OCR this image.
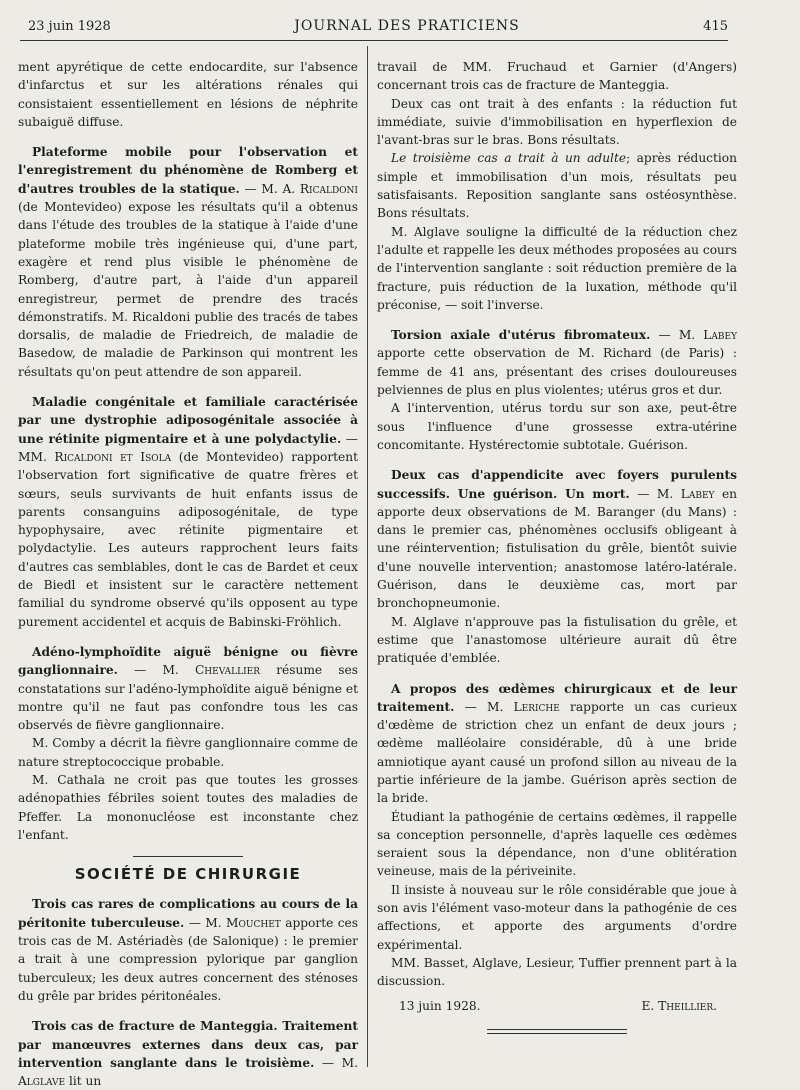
23 juin 1928	JOURNAL DES PRATICIENS	415

ment apyrétique de cette endocardite, sur l'absence d'infarctus et sur les altérations rénales qui consistaient essentiellement en lésions de néphrite subaiguë diffuse.

Plateforme mobile pour l'observation et l'enregistrement du phénomène de Romberg et d'autres troubles de la statique. — M. A. Ricaldoni (de Montevideo) expose les résultats qu'il a obtenus dans l'étude des troubles de la statique à l'aide d'une plateforme mobile très ingénieuse qui, d'une part, exagère et rend plus visible le phénomène de Romberg, d'autre part, à l'aide d'un appareil enregistreur, permet de prendre des tracés démonstratifs. M. Ricaldoni publie des tracés de tabes dorsalis, de maladie de Friedreich, de maladie de Basedow, de maladie de Parkinson qui montrent les résultats qu'on peut attendre de son appareil.

Maladie congénitale et familiale caractérisée par une dystrophie adiposogénitale associée à une rétinite pigmentaire et à une polydactylie. — MM. Ricaldoni et Isola (de Montevideo) rapportent l'observation fort significative de quatre frères et sœurs, seuls survivants de huit enfants issus de parents consanguins adiposogénitale, de type hypophysaire, avec rétinite pigmentaire et polydactylie. Les auteurs rapprochent leurs faits d'autres cas semblables, dont le cas de Bardet et ceux de Biedl et insistent sur le caractère nettement familial du syndrome observé qu'ils opposent au type purement accidentel et acquis de Babinski-Fröhlich.

Adéno-lymphoïdite aiguë bénigne ou fièvre ganglionnaire. — M. Chevallier résume ses constatations sur l'adéno-lymphoïdite aiguë bénigne et montre qu'il ne faut pas confondre tous les cas observés de fièvre ganglionnaire.

M. Comby a décrit la fièvre ganglionnaire comme de nature streptococcique probable.

M. Cathala ne croit pas que toutes les grosses adénopathies fébriles soient toutes des maladies de Pfeffer. La mononucléose est inconstante chez l'enfant.

SOCIÉTÉ DE CHIRURGIE

Trois cas rares de complications au cours de la péritonite tuberculeuse. — M. Mouchet apporte ces trois cas de M. Astériadès (de Salonique) : le premier a trait à une compression pylorique par ganglion tuberculeux; les deux autres concernent des sténoses du grêle par brides péritonéales.

Trois cas de fracture de Manteggia. Traitement par manœuvres externes dans deux cas, par intervention sanglante dans le troisième. — M. Alglave lit un

travail de MM. Fruchaud et Garnier (d'Angers) concernant trois cas de fracture de Manteggia.

Deux cas ont trait à des enfants : la réduction fut immédiate, suivie d'immobilisation en hyperflexion de l'avant-bras sur le bras. Bons résultats.

Le troisième cas a trait à un adulte; après réduction simple et immobilisation d'un mois, résultats peu satisfaisants. Reposition sanglante sans ostéosynthèse. Bons résultats.

M. Alglave souligne la difficulté de la réduction chez l'adulte et rappelle les deux méthodes proposées au cours de l'intervention sanglante : soit réduction première de la fracture, puis réduction de la luxation, méthode qu'il préconise, — soit l'inverse.

Torsion axiale d'utérus fibromateux. — M. Labey apporte cette observation de M. Richard (de Paris) : femme de 41 ans, présentant des crises douloureuses pelviennes de plus en plus violentes; utérus gros et dur.

A l'intervention, utérus tordu sur son axe, peut-être sous l'influence d'une grossesse extra-utérine concomitante. Hystérectomie subtotale. Guérison.

Deux cas d'appendicite avec foyers purulents successifs. Une guérison. Un mort. — M. Labey en apporte deux observations de M. Baranger (du Mans) : dans le premier cas, phénomènes occlusifs obligeant à une réintervention; fistulisation du grêle, bientôt suivie d'une nouvelle intervention; anastomose latéro-latérale. Guérison, dans le deuxième cas, mort par bronchopneumonie.

M. Alglave n'approuve pas la fistulisation du grêle, et estime que l'anastomose ultérieure aurait dû être pratiquée d'emblée.

A propos des œdèmes chirurgicaux et de leur traitement. — M. Leriche rapporte un cas curieux d'œdème de striction chez un enfant de deux jours ; œdème malléolaire considérable, dû à une bride amniotique ayant causé un profond sillon au niveau de la partie inférieure de la jambe. Guérison après section de la bride.

Étudiant la pathogénie de certains œdèmes, il rappelle sa conception personnelle, d'après laquelle ces œdèmes seraient sous la dépendance, non d'une oblitération veineuse, mais de la périveinite.

Il insiste à nouveau sur le rôle considérable que joue à son avis l'élément vaso-moteur dans la pathogénie de ces affections, et apporte des arguments d'ordre expérimental.

MM. Basset, Alglave, Lesieur, Tuffier prennent part à la discussion.

13 juin 1928.	E. Theillier.
